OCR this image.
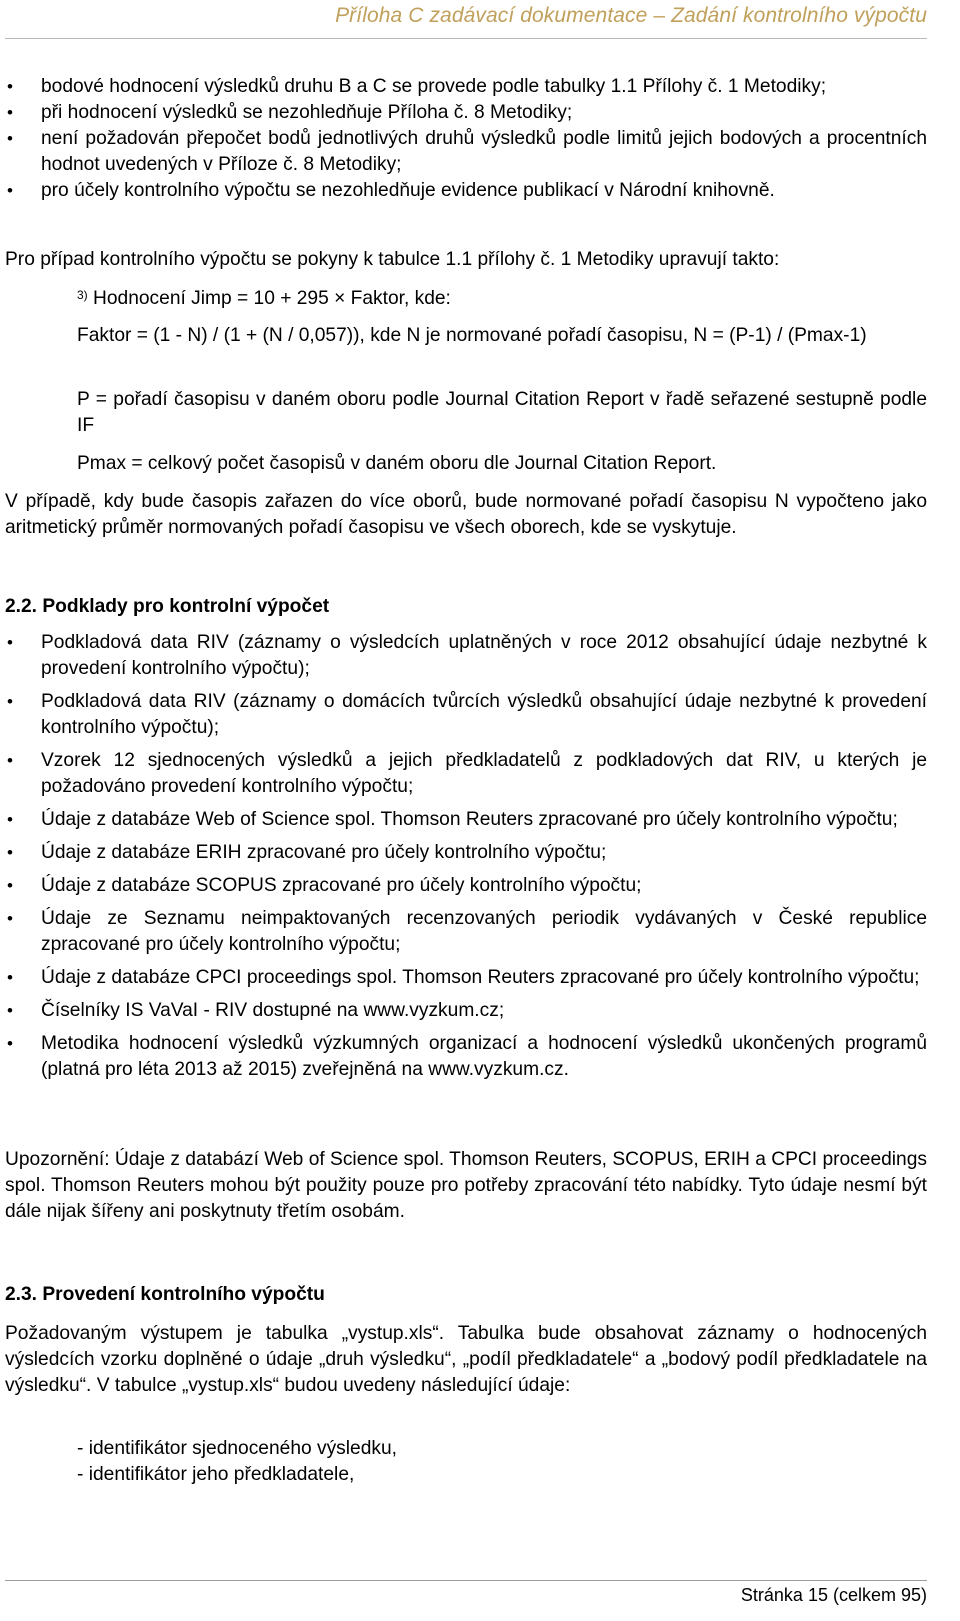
Příloha C zadávací dokumentace – Zadání kontrolního výpočtu
• bodové hodnocení výsledků druhu B a C se provede podle tabulky 1.1 Přílohy č. 1 Metodiky;
• při hodnocení výsledků se nezohledňuje Příloha č. 8 Metodiky;
• není požadován přepočet bodů jednotlivých druhů výsledků podle limitů jejich bodových a procentních hodnot uvedených v Příloze č. 8 Metodiky;
• pro účely kontrolního výpočtu se nezohledňuje evidence publikací v Národní knihovně.
Pro případ kontrolního výpočtu se pokyny k tabulce 1.1 přílohy č. 1 Metodiky upravují takto:
$^{3)}$ Hodnocení Jimp = 10 + 295 × Faktor, kde:
Faktor = (1 - N) / (1 + (N / 0,057)), kde N je normované pořadí časopisu, N = (P-1) / (Pmax-1)
P = pořadí časopisu v daném oboru podle Journal Citation Report v řadě seřazené sestupně podle IF
Pmax = celkový počet časopisů v daném oboru dle Journal Citation Report.
V případě, kdy bude časopis zařazen do více oborů, bude normované pořadí časopisu N vypočteno jako aritmetický průměr normovaných pořadí časopisu ve všech oborech, kde se vyskytuje.
2.2. Podklady pro kontrolní výpočet
• Podkladová data RIV (záznamy o výsledcích uplatněných v roce 2012 obsahující údaje nezbytné k provedení kontrolního výpočtu);
• Podkladová data RIV (záznamy o domácích tvůrcích výsledků obsahující údaje nezbytné k provedení kontrolního výpočtu);
• Vzorek 12 sjednocených výsledků a jejich předkladatelů z podkladových dat RIV, u kterých je požadováno provedení kontrolního výpočtu;
• Údaje z databáze Web of Science spol. Thomson Reuters zpracované pro účely kontrolního výpočtu;
• Údaje z databáze ERIH zpracované pro účely kontrolního výpočtu;
• Údaje z databáze SCOPUS zpracované pro účely kontrolního výpočtu;
• Údaje ze Seznamu neimpaktovaných recenzovaných periodik vydávaných v České republice zpracované pro účely kontrolního výpočtu;
• Údaje z databáze CPCI proceedings spol. Thomson Reuters zpracované pro účely kontrolního výpočtu;
• Číselníky IS VaVaI - RIV dostupné na www.vyzkum.cz;
• Metodika hodnocení výsledků výzkumných organizací a hodnocení výsledků ukončených programů (platná pro léta 2013 až 2015) zveřejněná na www.vyzkum.cz.
Upozornění: Údaje z databází Web of Science spol. Thomson Reuters, SCOPUS, ERIH a CPCI proceedings spol. Thomson Reuters mohou být použity pouze pro potřeby zpracování této nabídky. Tyto údaje nesmí být dále nijak šířeny ani poskytnuty třetím osobám.
2.3. Provedení kontrolního výpočtu
Požadovaným výstupem je tabulka „vystup.xls“. Tabulka bude obsahovat záznamy o hodnocených výsledcích vzorku doplněné o údaje „druh výsledku“, „podíl předkladatele“ a „bodový podíl předkladatele na výsledku“. V tabulce „vystup.xls“ budou uvedeny následující údaje:
- identifikátor sjednoceného výsledku,
- identifikátor jeho předkladatele,
Stránka 15 (celkem 95)
